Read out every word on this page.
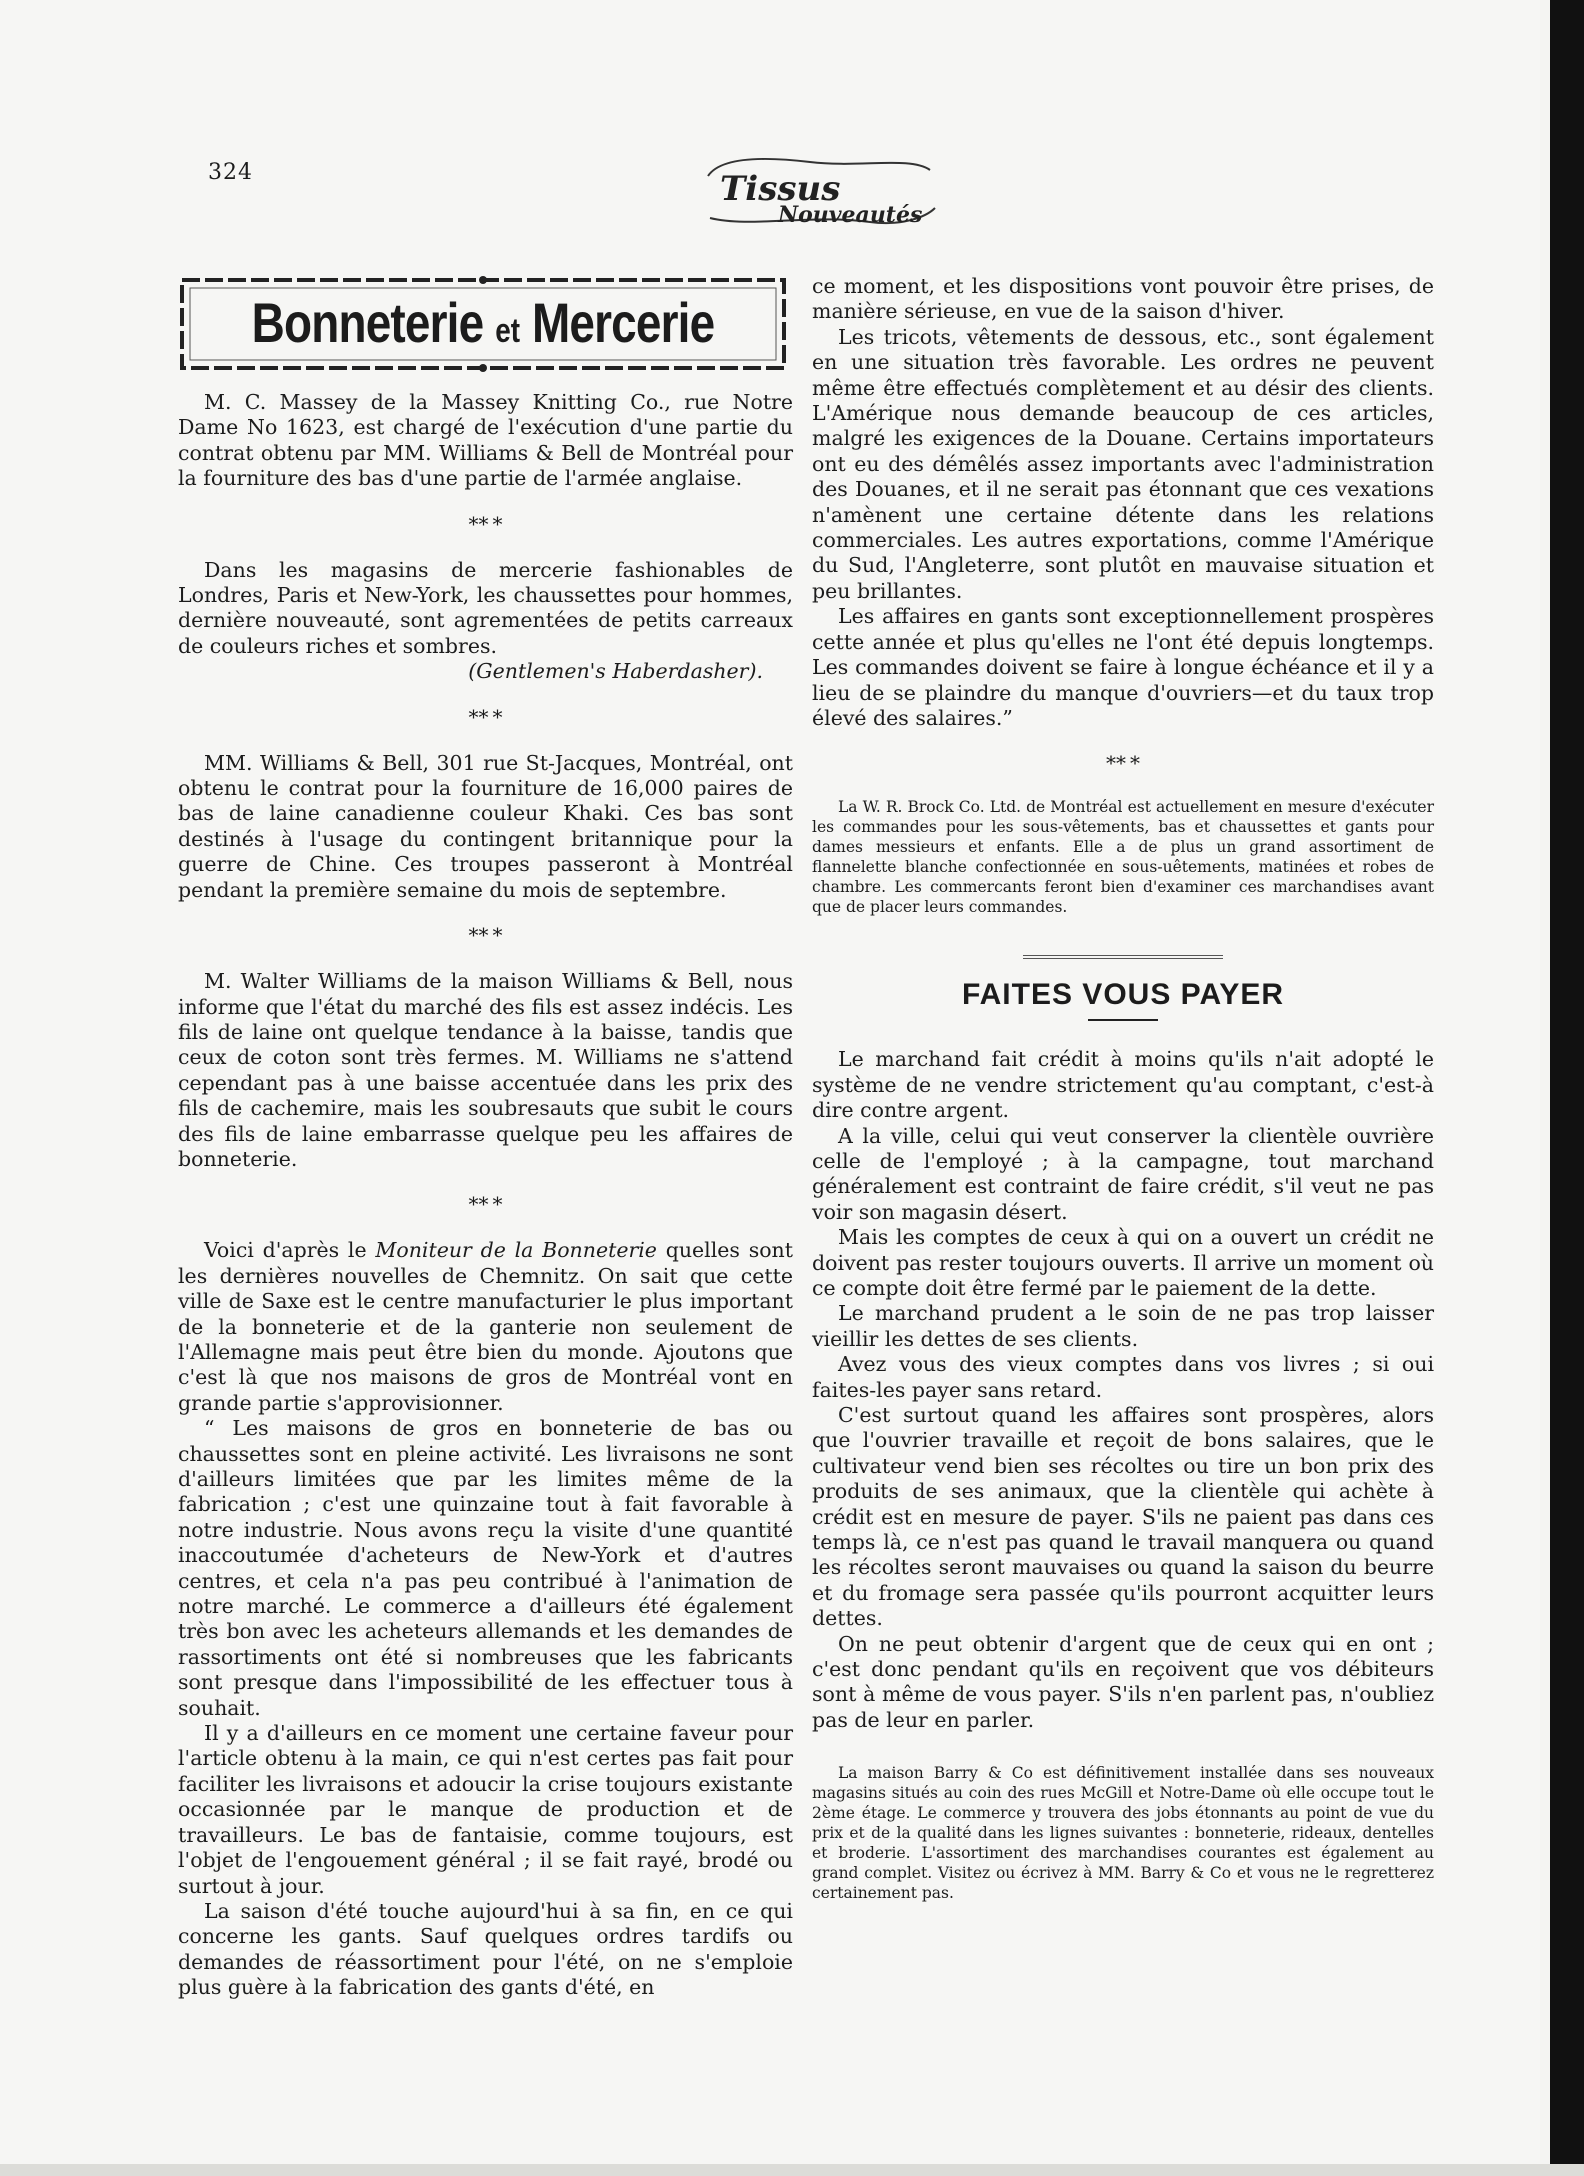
324	Tissus
Nouveautés
Bonneterie et Mercerie

M. C. Massey de la Massey Knitting Co., rue Notre Dame No 1623, est chargé de l'exécution d'une partie du contrat obtenu par MM. Williams & Bell de Montréal pour la fourniture des bas d'une partie de l'armée anglaise.

** *

Dans les magasins de mercerie fashionables de Londres, Paris et New-York, les chaussettes pour hommes, dernière nouveauté, sont agrementées de petits carreaux de couleurs riches et sombres.

(Gentlemen's Haberdasher).
** *

MM. Williams & Bell, 301 rue St-Jacques, Montréal, ont obtenu le contrat pour la fourniture de 16,000 paires de bas de laine canadienne couleur Khaki. Ces bas sont destinés à l'usage du contingent britannique pour la guerre de Chine. Ces troupes passeront à Montréal pendant la première semaine du mois de septembre.

** *

M. Walter Williams de la maison Williams & Bell, nous informe que l'état du marché des fils est assez indécis. Les fils de laine ont quelque tendance à la baisse, tandis que ceux de coton sont très fermes. M. Williams ne s'attend cependant pas à une baisse accentuée dans les prix des fils de cachemire, mais les soubresauts que subit le cours des fils de laine embarrasse quelque peu les affaires de bonneterie.

** *

Voici d'après le Moniteur de la Bonneterie quelles sont les dernières nouvelles de Chemnitz. On sait que cette ville de Saxe est le centre manufacturier le plus important de la bonneterie et de la ganterie non seulement de l'Allemagne mais peut être bien du monde. Ajoutons que c'est là que nos maisons de gros de Montréal vont en grande partie s'approvisionner.

“ Les maisons de gros en bonneterie de bas ou chaussettes sont en pleine activité. Les livraisons ne sont d'ailleurs limitées que par les limites même de la fabrication ; c'est une quinzaine tout à fait favorable à notre industrie. Nous avons reçu la visite d'une quantité inaccoutumée d'acheteurs de New-York et d'autres centres, et cela n'a pas peu contribué à l'animation de notre marché. Le commerce a d'ailleurs été également très bon avec les acheteurs allemands et les demandes de rassortiments ont été si nombreuses que les fabricants sont presque dans l'impossibilité de les effectuer tous à souhait.

Il y a d'ailleurs en ce moment une certaine faveur pour l'article obtenu à la main, ce qui n'est certes pas fait pour faciliter les livraisons et adoucir la crise toujours existante occasionnée par le manque de production et de travailleurs. Le bas de fantaisie, comme toujours, est l'objet de l'engouement général ; il se fait rayé, brodé ou surtout à jour.

La saison d'été touche aujourd'hui à sa fin, en ce qui concerne les gants. Sauf quelques ordres tardifs ou demandes de réassortiment pour l'été, on ne s'emploie plus guère à la fabrication des gants d'été, en

ce moment, et les dispositions vont pouvoir être prises, de manière sérieuse, en vue de la saison d'hiver.

Les tricots, vêtements de dessous, etc., sont également en une situation très favorable. Les ordres ne peuvent même être effectués complètement et au désir des clients. L'Amérique nous demande beaucoup de ces articles, malgré les exigences de la Douane. Certains importateurs ont eu des démêlés assez importants avec l'administration des Douanes, et il ne serait pas étonnant que ces vexations n'amènent une certaine détente dans les relations commerciales. Les autres exportations, comme l'Amérique du Sud, l'Angleterre, sont plutôt en mauvaise situation et peu brillantes.

Les affaires en gants sont exceptionnellement prospères cette année et plus qu'elles ne l'ont été depuis longtemps. Les commandes doivent se faire à longue échéance et il y a lieu de se plaindre du manque d'ouvriers—et du taux trop élevé des salaires.”

** *

La W. R. Brock Co. Ltd. de Montréal est actuellement en mesure d'exécuter les commandes pour les sous-vêtements, bas et chaussettes et gants pour dames messieurs et enfants. Elle a de plus un grand assortiment de flannelette blanche confectionnée en sous-uêtements, matinées et robes de chambre. Les commercants feront bien d'examiner ces marchandises avant que de placer leurs commandes.

FAITES VOUS PAYER

Le marchand fait crédit à moins qu'ils n'ait adopté le système de ne vendre strictement qu'au comptant, c'est-à dire contre argent.

A la ville, celui qui veut conserver la clientèle ouvrière celle de l'employé ; à la campagne, tout marchand généralement est contraint de faire crédit, s'il veut ne pas voir son magasin désert.

Mais les comptes de ceux à qui on a ouvert un crédit ne doivent pas rester toujours ouverts. Il arrive un moment où ce compte doit être fermé par le paiement de la dette.

Le marchand prudent a le soin de ne pas trop laisser vieillir les dettes de ses clients.

Avez vous des vieux comptes dans vos livres ; si oui faites-les payer sans retard.

C'est surtout quand les affaires sont prospères, alors que l'ouvrier travaille et reçoit de bons salaires, que le cultivateur vend bien ses récoltes ou tire un bon prix des produits de ses animaux, que la clientèle qui achète à crédit est en mesure de payer. S'ils ne paient pas dans ces temps là, ce n'est pas quand le travail manquera ou quand les récoltes seront mauvaises ou quand la saison du beurre et du fromage sera passée qu'ils pourront acquitter leurs dettes.

On ne peut obtenir d'argent que de ceux qui en ont ; c'est donc pendant qu'ils en reçoivent que vos débiteurs sont à même de vous payer. S'ils n'en parlent pas, n'oubliez pas de leur en parler.

La maison Barry & Co est définitivement installée dans ses nouveaux magasins situés au coin des rues McGill et Notre-Dame où elle occupe tout le 2ème étage. Le commerce y trouvera des jobs étonnants au point de vue du prix et de la qualité dans les lignes suivantes : bonneterie, rideaux, dentelles et broderie. L'assortiment des marchandises courantes est également au grand complet. Visitez ou écrivez à MM. Barry & Co et vous ne le regretterez certainement pas.
